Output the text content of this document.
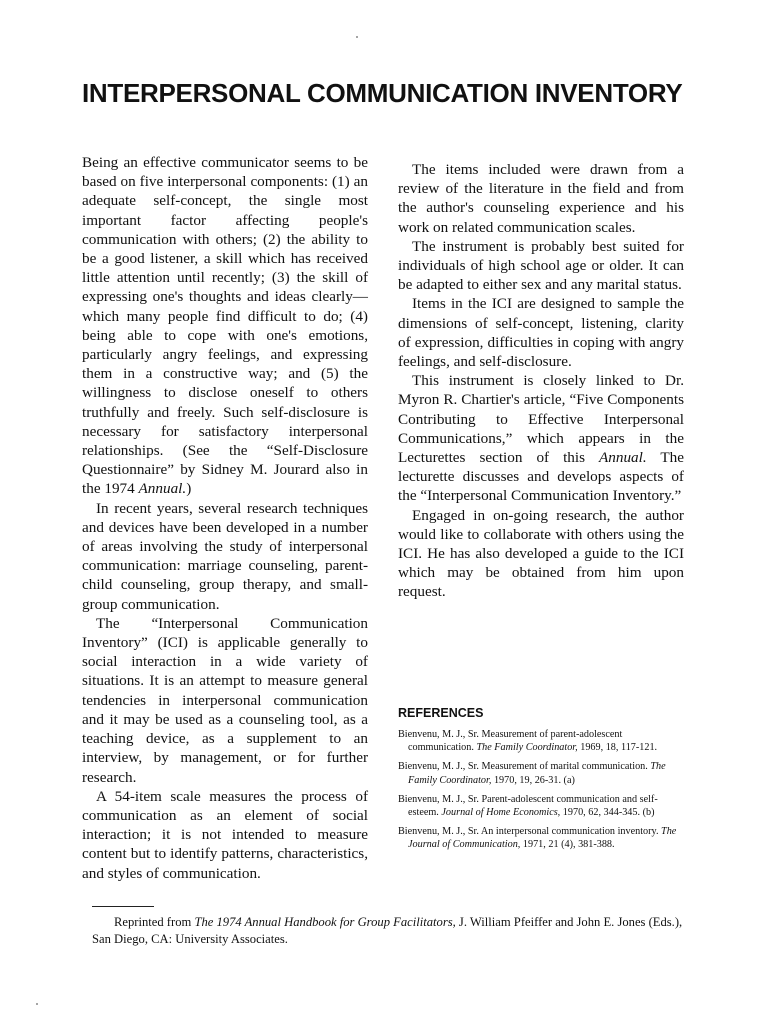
INTERPERSONAL COMMUNICATION INVENTORY

Being an effective communicator seems to be based on five interpersonal components: (1) an adequate self-concept, the single most important factor affecting people's communication with others; (2) the ability to be a good listener, a skill which has received little attention until recently; (3) the skill of expressing one's thoughts and ideas clearly—which many people find difficult to do; (4) being able to cope with one's emotions, particularly angry feelings, and expressing them in a constructive way; and (5) the willingness to disclose oneself to others truthfully and freely. Such self-disclosure is necessary for satisfactory interpersonal relationships. (See the “Self-Disclosure Questionnaire” by Sidney M. Jourard also in the 1974 Annual.)

In recent years, several research techniques and devices have been developed in a number of areas involving the study of interpersonal communication: marriage counseling, parent-child counseling, group therapy, and small-group communication.

The “Interpersonal Communication Inventory” (ICI) is applicable generally to social interaction in a wide variety of situations. It is an attempt to measure general tendencies in interpersonal communication and it may be used as a counseling tool, as a teaching device, as a supplement to an interview, by management, or for further research.

A 54-item scale measures the process of communication as an element of social interaction; it is not intended to measure content but to identify patterns, characteristics, and styles of communication.

The items included were drawn from a review of the literature in the field and from the author's counseling experience and his work on related communication scales.

The instrument is probably best suited for individuals of high school age or older. It can be adapted to either sex and any marital status.

Items in the ICI are designed to sample the dimensions of self-concept, listening, clarity of expression, difficulties in coping with angry feelings, and self-disclosure.

This instrument is closely linked to Dr. Myron R. Chartier's article, “Five Components Contributing to Effective Interpersonal Communications,” which appears in the Lecturettes section of this Annual. The lecturette discusses and develops aspects of the “Interpersonal Communication Inventory.”

Engaged in on-going research, the author would like to collaborate with others using the ICI. He has also developed a guide to the ICI which may be obtained from him upon request.

REFERENCES

Bienvenu, M. J., Sr. Measurement of parent-adolescent communication. The Family Coordinator, 1969, 18, 117-121.

Bienvenu, M. J., Sr. Measurement of marital communication. The Family Coordinator, 1970, 19, 26-31. (a)

Bienvenu, M. J., Sr. Parent-adolescent communication and self-esteem. Journal of Home Economics, 1970, 62, 344-345. (b)

Bienvenu, M. J., Sr. An interpersonal communication inventory. The Journal of Communication, 1971, 21 (4), 381-388.

Reprinted from The 1974 Annual Handbook for Group Facilitators, J. William Pfeiffer and John E. Jones (Eds.), San Diego, CA: University Associates.
